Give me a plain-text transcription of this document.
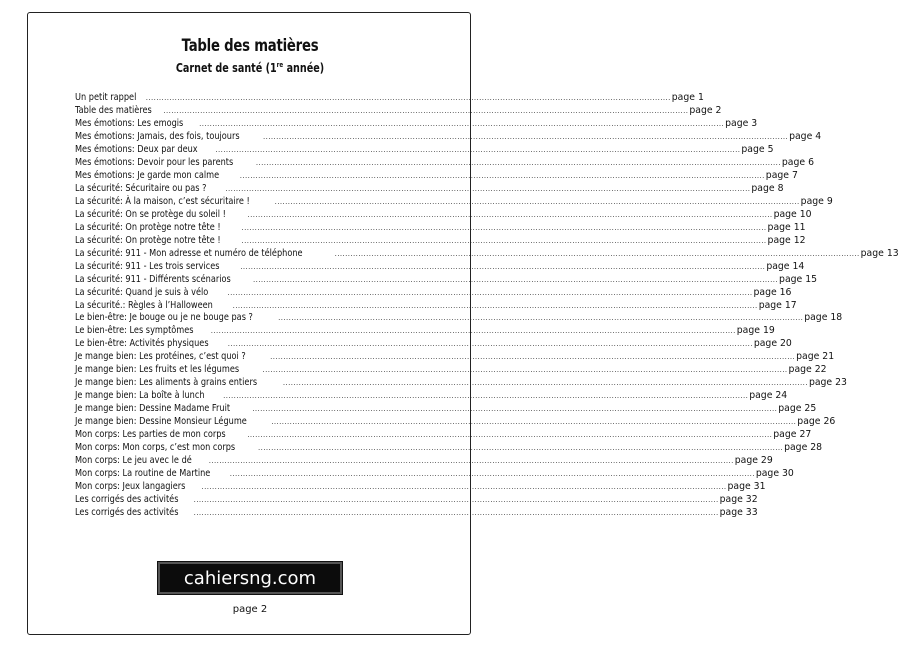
Table des matières
Carnet de santé (1re année)
Un petit rappel ........................................................................................................................................................................................................ page 1
Table des matières ........................................................................................................................................................................................................ page 2
Mes émotions: Les emogis ........................................................................................................................................................................................................ page 3
Mes émotions: Jamais, des fois, toujours	........................................................................................................................................................................................................ page 4
Mes émotions: Deux par deux	........................................................................................................................................................................................................ page 5
Mes émotions: Devoir pour les parents	........................................................................................................................................................................................................ page 6
Mes émotions: Je garde mon calme	........................................................................................................................................................................................................ page 7
La sécurité: Sécuritaire ou pas ?	........................................................................................................................................................................................................ page 8
La sécurité: À la maison, c’est sécuritaire !	........................................................................................................................................................................................................ page 9
La sécurité: On se protège du soleil !	........................................................................................................................................................................................................ page 10
La sécurité: On protège notre tête !	........................................................................................................................................................................................................ page 11
La sécurité: On protège notre tête !	........................................................................................................................................................................................................ page 12
La sécurité: 911 - Mon adresse et numéro de téléphone	........................................................................................................................................................................................................ page 13
La sécurité: 911 - Les trois services	........................................................................................................................................................................................................ page 14
La sécurité: 911 - Différents scénarios	........................................................................................................................................................................................................ page 15
La sécurité: Quand je suis à vélo	........................................................................................................................................................................................................ page 16
La sécurité.: Règles à l’Halloween	........................................................................................................................................................................................................ page 17
Le bien-être: Je bouge ou je ne bouge pas ?	........................................................................................................................................................................................................ page 18
Le bien-être: Les symptômes ........................................................................................................................................................................................................ page 19
Le bien-être: Activités physiques	........................................................................................................................................................................................................ page 20
Je mange bien: Les protéines, c’est quoi ?	........................................................................................................................................................................................................ page 21
Je mange bien: Les fruits et les légumes	........................................................................................................................................................................................................ page 22
Je mange bien: Les aliments à grains entiers	........................................................................................................................................................................................................ page 23
Je mange bien: La boîte à lunch	........................................................................................................................................................................................................ page 24
Je mange bien: Dessine Madame Fruit	........................................................................................................................................................................................................ page 25
Je mange bien: Dessine Monsieur Légume	........................................................................................................................................................................................................ page 26
Mon corps: Les parties de mon corps	........................................................................................................................................................................................................ page 27
Mon corps: Mon corps, c’est mon corps	........................................................................................................................................................................................................ page 28
Mon corps: Le jeu avec le dé ........................................................................................................................................................................................................ page 29
Mon corps: La routine de Martine	........................................................................................................................................................................................................ page 30
Mon corps: Jeux langagiers ........................................................................................................................................................................................................ page 31
Les corrigés des activités ........................................................................................................................................................................................................ page 32
Les corrigés des activités ........................................................................................................................................................................................................ page 33
cahiersng.com
page 2
